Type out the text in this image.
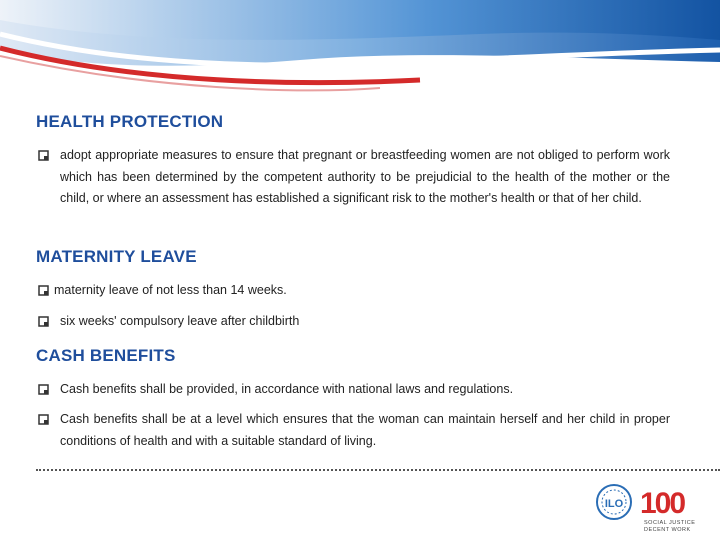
HEALTH PROTECTION
adopt appropriate measures to ensure that pregnant or breastfeeding women are not obliged to perform work which has been determined by the competent authority to be prejudicial to the health of the mother or the child, or where an assessment has established a significant risk to the mother's health or that of her child.
MATERNITY LEAVE
maternity leave of not less than 14 weeks.
six weeks' compulsory leave after childbirth
CASH BENEFITS
Cash benefits shall be provided, in accordance with national laws and regulations.
Cash benefits shall be at a level which ensures that the woman can maintain herself and her child in proper conditions of health and with a suitable standard of living.
ILO 100
SOCIAL JUSTICE
DECENT WORK
